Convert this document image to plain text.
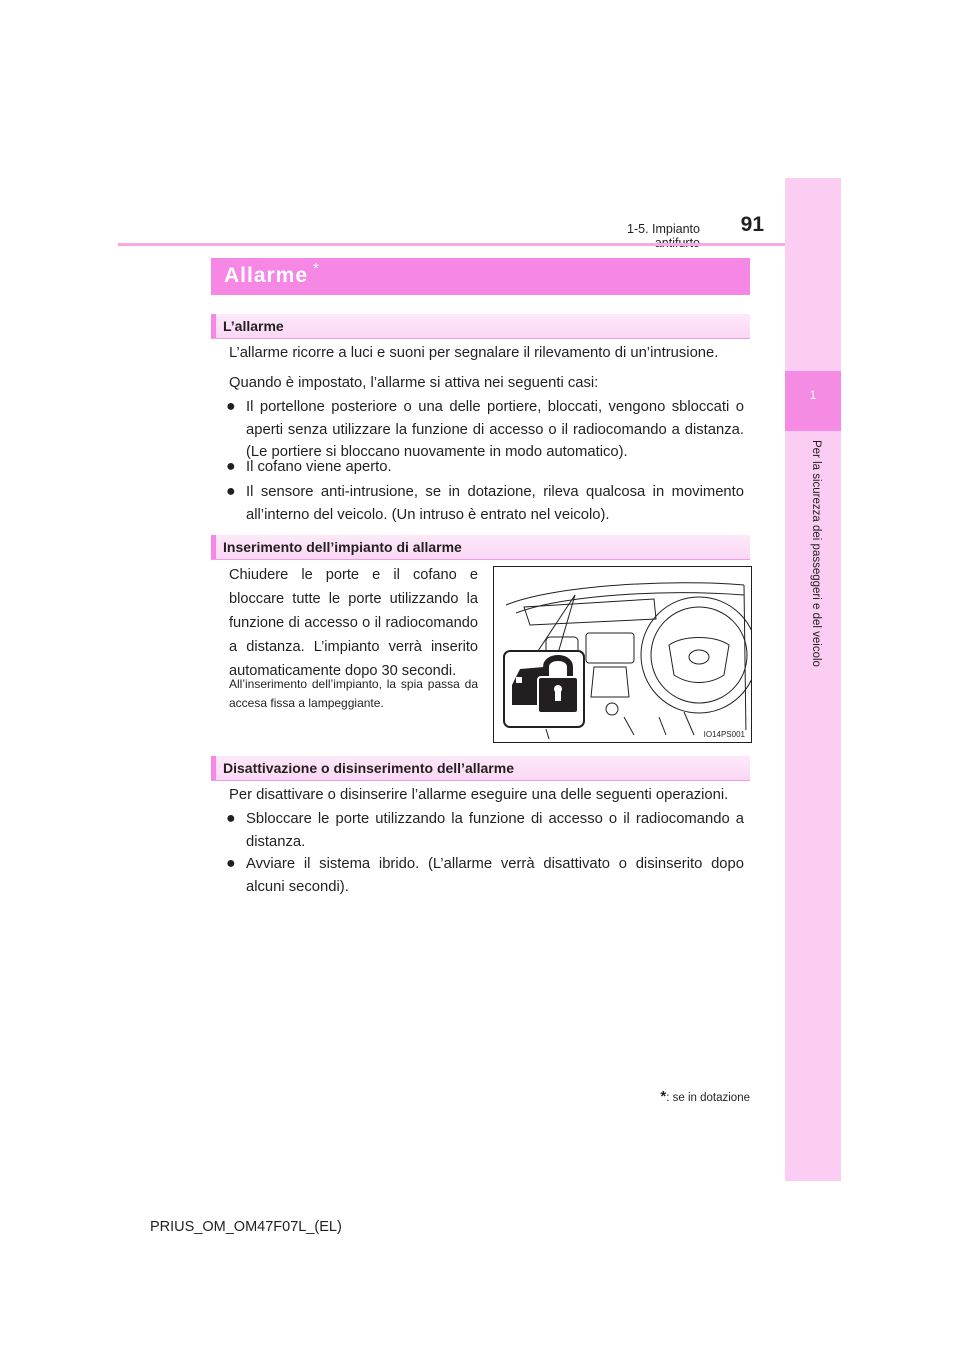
1-5. Impianto	91
1
Per la sicurezza dei passeggeri e del veicolo
Allarme *
L’allarme
L’allarme ricorre a luci e suoni per segnalare il rilevamento di un’intrusione.
Quando è impostato, l’allarme si attiva nei seguenti casi:
● Il portellone posteriore o una delle portiere, bloccati, vengono sbloccati o aperti senza utilizzare la funzione di accesso o il radiocomando a distanza. (Le portiere si bloccano nuovamente in modo automatico).
● Il cofano viene aperto.
● Il sensore anti-intrusione, se in dotazione, rileva qualcosa in movimento all’interno del veicolo. (Un intruso è entrato nel veicolo).
Inserimento dell’impianto di allarme
Chiudere le porte e il cofano e bloccare tutte le porte utilizzando la funzione di accesso o il radiocomando a distanza. L’impianto verrà inserito automaticamente dopo 30 secondi.
All’inserimento dell’impianto, la spia passa da accesa fissa a lampeggiante.
IO14PS001
Disattivazione o disinserimento dell’allarme
Per disattivare o disinserire l’allarme eseguire una delle seguenti operazioni.
● Sbloccare le porte utilizzando la funzione di accesso o il radiocomando a distanza.
● Avviare il sistema ibrido. (L’allarme verrà disattivato o disinserito dopo alcuni secondi).
*: se in dotazione
PRIUS_OM_OM47F07L_(EL)
